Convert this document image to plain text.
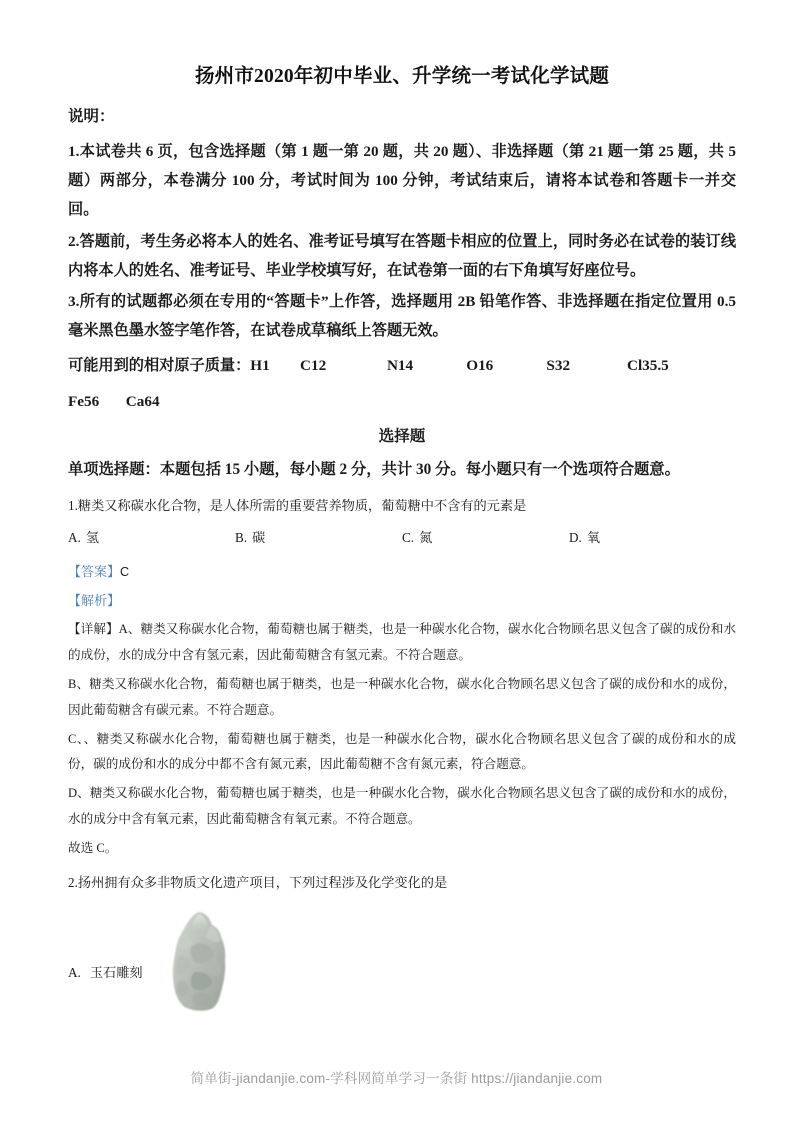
扬州市2020年初中毕业、升学统一考试化学试题
说明：

1.本试卷共 6 页，包含选择题（第 1 题一第 20 题，共 20 题）、非选择题（第 21 题一第 25 题，共 5 题）两部分，本卷满分 100 分，考试时间为 100 分钟，考试结束后，请将本试卷和答题卡一并交回。

2.答题前，考生务必将本人的姓名、准考证号填写在答题卡相应的位置上，同时务必在试卷的装订线内将本人的姓名、准考证号、毕业学校填写好，在试卷第一面的右下角填写好座位号。

3.所有的试题都必须在专用的“答题卡”上作答，选择题用 2B 铅笔作答、非选择题在指定位置用 0.5 毫米黑色墨水签字笔作答，在试卷成草稿纸上答题无效。

可能用到的相对原子质量：H1        C12                N14              O16              S32               Cl35.5
Fe56       Ca64
选择题
单项选择题：本题包括 15 小题，每小题 2 分，共计 30 分。每小题只有一个选项符合题意。
1.糖类又称碳水化合物，是人体所需的重要营养物质，葡萄糖中不含有的元素是
A. 氢	B. 碳	C. 氮	D. 氧
【答案】C
【解析】

【详解】A、糖类又称碳水化合物，葡萄糖也属于糖类，也是一种碳水化合物，碳水化合物顾名思义包含了碳的成份和水的成份，水的成分中含有氢元素，因此葡萄糖含有氢元素。不符合题意。

B、糖类又称碳水化合物，葡萄糖也属于糖类，也是一种碳水化合物，碳水化合物顾名思义包含了碳的成份和水的成份，因此葡萄糖含有碳元素。不符合题意。

C、、糖类又称碳水化合物，葡萄糖也属于糖类，也是一种碳水化合物，碳水化合物顾名思义包含了碳的成份和水的成份，碳的成份和水的成分中都不含有氮元素，因此葡萄糖不含有氮元素，符合题意。

D、糖类又称碳水化合物，葡萄糖也属于糖类，也是一种碳水化合物，碳水化合物顾名思义包含了碳的成份和水的成份，水的成分中含有氧元素，因此葡萄糖含有氧元素。不符合题意。

故选 C。
2.扬州拥有众多非物质文化遗产项目，下列过程涉及化学变化的是
A. 玉石雕刻
简单街-jiandanjie.com-学科网简单学习一条街 https://jiandanjie.com
